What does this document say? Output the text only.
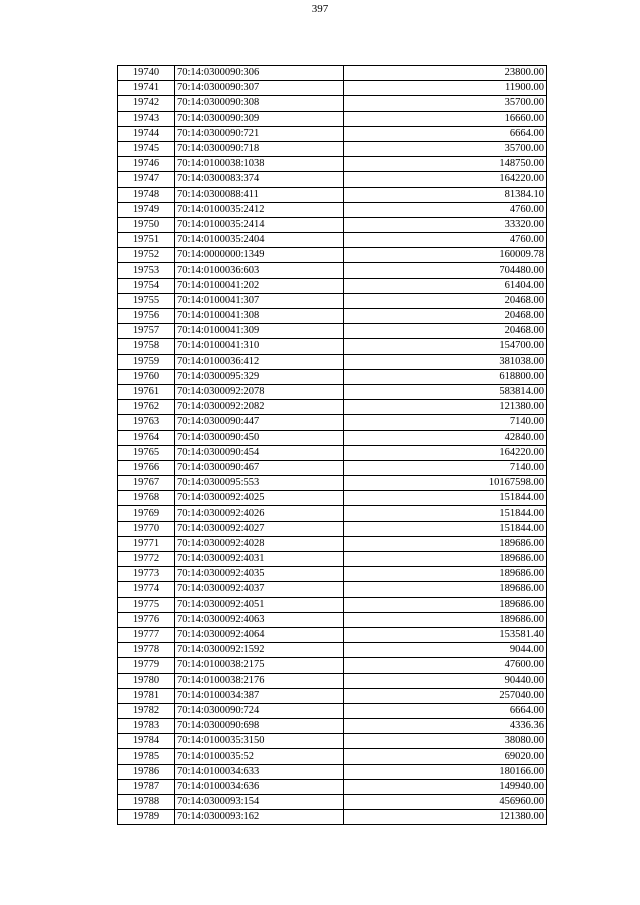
397
19740	70:14:0300090:306	23800.00
19741	70:14:0300090:307	11900.00
19742	70:14:0300090:308	35700.00
19743	70:14:0300090:309	16660.00
19744	70:14:0300090:721	6664.00
19745	70:14:0300090:718	35700.00
19746	70:14:0100038:1038	148750.00
19747	70:14:0300083:374	164220.00
19748	70:14:0300088:411	81384.10
19749	70:14:0100035:2412	4760.00
19750	70:14:0100035:2414	33320.00
19751	70:14:0100035:2404	4760.00
19752	70:14:0000000:1349	160009.78
19753	70:14:0100036:603	704480.00
19754	70:14:0100041:202	61404.00
19755	70:14:0100041:307	20468.00
19756	70:14:0100041:308	20468.00
19757	70:14:0100041:309	20468.00
19758	70:14:0100041:310	154700.00
19759	70:14:0100036:412	381038.00
19760	70:14:0300095:329	618800.00
19761	70:14:0300092:2078	583814.00
19762	70:14:0300092:2082	121380.00
19763	70:14:0300090:447	7140.00
19764	70:14:0300090:450	42840.00
19765	70:14:0300090:454	164220.00
19766	70:14:0300090:467	7140.00
19767	70:14:0300095:553	10167598.00
19768	70:14:0300092:4025	151844.00
19769	70:14:0300092:4026	151844.00
19770	70:14:0300092:4027	151844.00
19771	70:14:0300092:4028	189686.00
19772	70:14:0300092:4031	189686.00
19773	70:14:0300092:4035	189686.00
19774	70:14:0300092:4037	189686.00
19775	70:14:0300092:4051	189686.00
19776	70:14:0300092:4063	189686.00
19777	70:14:0300092:4064	153581.40
19778	70:14:0300092:1592	9044.00
19779	70:14:0100038:2175	47600.00
19780	70:14:0100038:2176	90440.00
19781	70:14:0100034:387	257040.00
19782	70:14:0300090:724	6664.00
19783	70:14:0300090:698	4336.36
19784	70:14:0100035:3150	38080.00
19785	70:14:0100035:52	69020.00
19786	70:14:0100034:633	180166.00
19787	70:14:0100034:636	149940.00
19788	70:14:0300093:154	456960.00
19789	70:14:0300093:162	121380.00
